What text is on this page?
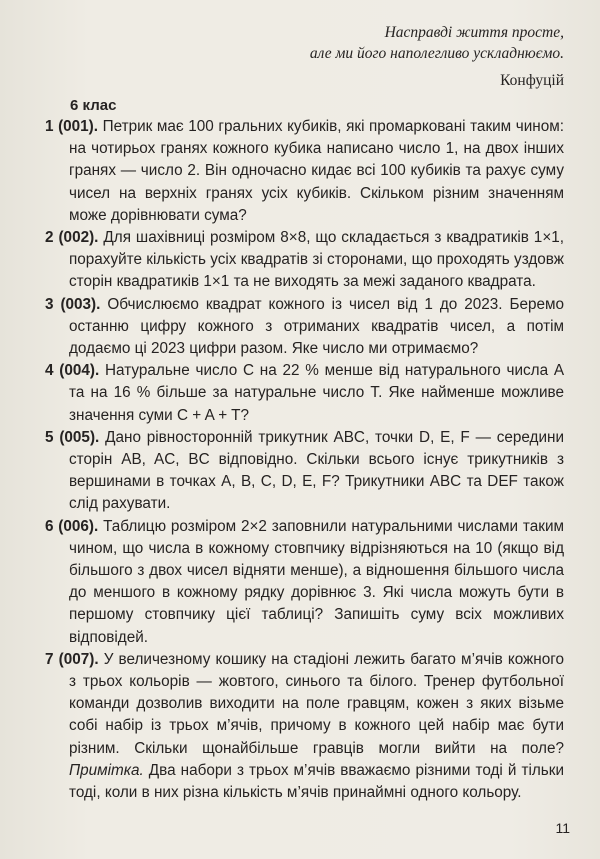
Насправді життя просте,
але ми його наполегливо ускладнюємо.
Конфуцій
6 клас

1 (001). Петрик має 100 гральних кубиків, які промарковані таким чином: на чотирьох гранях кожного кубика написано число 1, на двох інших гранях — число 2. Він одночасно кидає всі 100 кубиків та рахує суму чисел на верхніх гранях усіх кубиків. Скільком різним значенням може дорівнювати сума?

2 (002). Для шахівниці розміром 8×8, що складається з квадратиків 1×1, порахуйте кількість усіх квадратів зі сторонами, що проходять уздовж сторін квадратиків 1×1 та не виходять за межі заданого квадрата.

3 (003). Обчислюємо квадрат кожного із чисел від 1 до 2023. Беремо останню цифру кожного з отриманих квадратів чисел, а потім додаємо ці 2023 цифри разом. Яке число ми отримаємо?

4 (004). Натуральне число C на 22 % менше від натурального числа A та на 16 % більше за натуральне число T. Яке найменше можливе значення суми C + A + T?

5 (005). Дано рівносторонній трикутник ABC, точки D, E, F — середини сторін AB, AC, BC відповідно. Скільки всього існує трикутників з вершинами в точках A, B, C, D, E, F? Трикутники ABC та DEF також слід рахувати.

6 (006). Таблицю розміром 2×2 заповнили натуральними числами таким чином, що числа в кожному стовпчику відрізняються на 10 (якщо від більшого з двох чисел відняти менше), а відношення більшого числа до меншого в кожному рядку дорівнює 3. Які числа можуть бути в першому стовпчику цієї таблиці? Запишіть суму всіх можливих відповідей.

7 (007). У величезному кошику на стадіоні лежить багато м’ячів кожного з трьох кольорів — жовтого, синього та білого. Тренер футбольної команди дозволив виходити на поле гравцям, кожен з яких візьме собі набір із трьох м’ячів, причому в кожного цей набір має бути різним. Скільки щонайбільше гравців могли вийти на поле? Примітка. Два набори з трьох м’ячів вважаємо різними тоді й тільки тоді, коли в них різна кількість м’ячів принаймні одного кольору.

11
